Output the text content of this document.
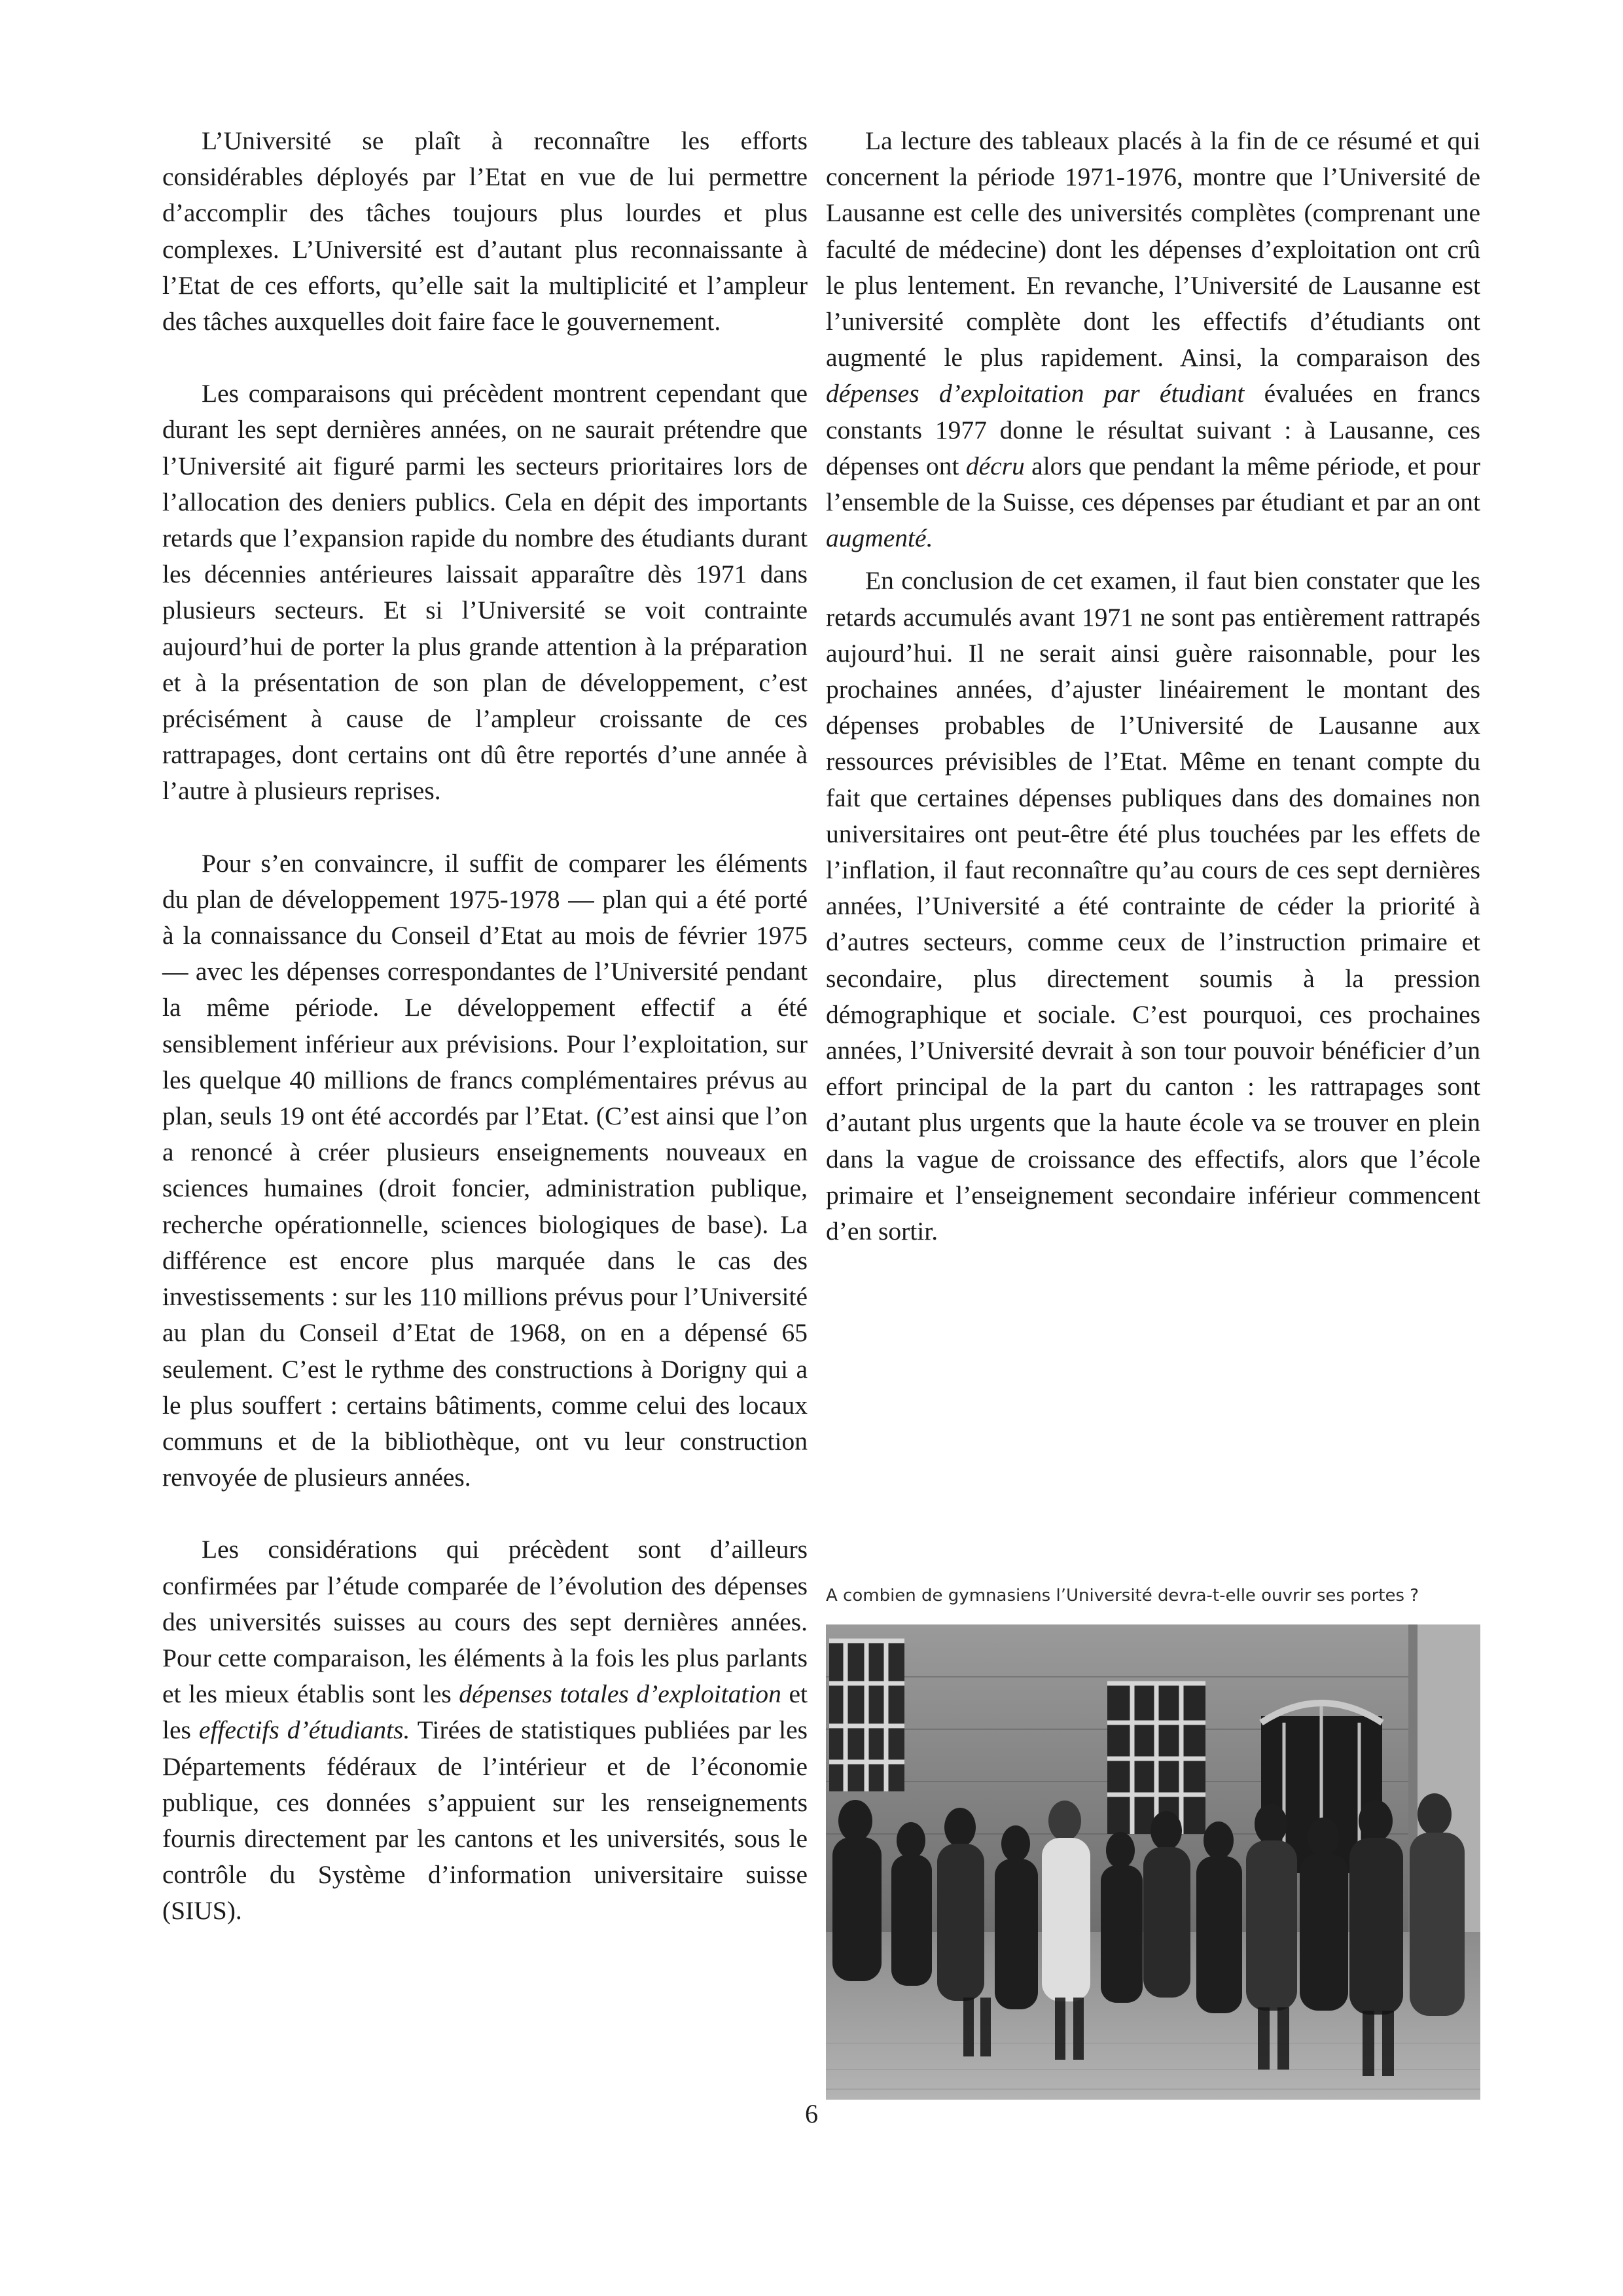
L’Université se plaît à reconnaître les efforts considérables déployés par l’Etat en vue de lui permettre d’accomplir des tâches toujours plus lourdes et plus complexes. L’Université est d’autant plus reconnaissante à l’Etat de ces efforts, qu’elle sait la multiplicité et l’ampleur des tâches auxquelles doit faire face le gouvernement.

Les comparaisons qui précèdent montrent cependant que durant les sept dernières années, on ne saurait prétendre que l’Université ait figuré parmi les secteurs prioritaires lors de l’allocation des deniers publics. Cela en dépit des importants retards que l’expansion rapide du nombre des étudiants durant les décennies antérieures laissait apparaître dès 1971 dans plusieurs secteurs. Et si l’Université se voit contrainte aujourd’hui de porter la plus grande attention à la préparation et à la présentation de son plan de développement, c’est précisément à cause de l’ampleur croissante de ces rattrapages, dont certains ont dû être reportés d’une année à l’autre à plusieurs reprises.

Pour s’en convaincre, il suffit de comparer les éléments du plan de développement 1975-1978 — plan qui a été porté à la connaissance du Conseil d’Etat au mois de février 1975 — avec les dépenses correspondantes de l’Université pendant la même période. Le développement effectif a été sensiblement inférieur aux prévisions. Pour l’exploitation, sur les quelque 40 millions de francs complémentaires prévus au plan, seuls 19 ont été accordés par l’Etat. (C’est ainsi que l’on a renoncé à créer plusieurs enseignements nouveaux en sciences humaines (droit foncier, administration publique, recherche opérationnelle, sciences biologiques de base). La différence est encore plus marquée dans le cas des investissements : sur les 110 millions prévus pour l’Université au plan du Conseil d’Etat de 1968, on en a dépensé 65 seulement. C’est le rythme des constructions à Dorigny qui a le plus souffert : certains bâtiments, comme celui des locaux communs et de la bibliothèque, ont vu leur construction renvoyée de plusieurs années.

Les considérations qui précèdent sont d’ailleurs confirmées par l’étude comparée de l’évolution des dépenses des universités suisses au cours des sept dernières années. Pour cette comparaison, les éléments à la fois les plus parlants et les mieux établis sont les dépenses totales d’exploitation et les effectifs d’étudiants. Tirées de statistiques publiées par les Départements fédéraux de l’intérieur et de l’économie publique, ces données s’appuient sur les renseignements fournis directement par les cantons et les universités, sous le contrôle du Système d’information universitaire suisse (SIUS).

La lecture des tableaux placés à la fin de ce résumé et qui concernent la période 1971-1976, montre que l’Université de Lausanne est celle des universités complètes (comprenant une faculté de médecine) dont les dépenses d’exploitation ont crû le plus lentement. En revanche, l’Université de Lausanne est l’université complète dont les effectifs d’étudiants ont augmenté le plus rapidement. Ainsi, la comparaison des dépenses d’exploitation par étudiant évaluées en francs constants 1977 donne le résultat suivant : à Lausanne, ces dépenses ont décru alors que pendant la même période, et pour l’ensemble de la Suisse, ces dépenses par étudiant et par an ont augmenté.

En conclusion de cet examen, il faut bien constater que les retards accumulés avant 1971 ne sont pas entièrement rattrapés aujourd’hui. Il ne serait ainsi guère raisonnable, pour les prochaines années, d’ajuster linéairement le montant des dépenses probables de l’Université de Lausanne aux ressources prévisibles de l’Etat. Même en tenant compte du fait que certaines dépenses publiques dans des domaines non universitaires ont peut-être été plus touchées par les effets de l’inflation, il faut reconnaître qu’au cours de ces sept dernières années, l’Université a été contrainte de céder la priorité à d’autres secteurs, comme ceux de l’instruction primaire et secondaire, plus directement soumis à la pression démographique et sociale. C’est pourquoi, ces prochaines années, l’Université devrait à son tour pouvoir bénéficier d’un effort principal de la part du canton : les rattrapages sont d’autant plus urgents que la haute école va se trouver en plein dans la vague de croissance des effectifs, alors que l’école primaire et l’enseignement secondaire inférieur commencent d’en sortir.

A combien de gymnasiens l’Université devra-t-elle ouvrir ses portes ?
6
